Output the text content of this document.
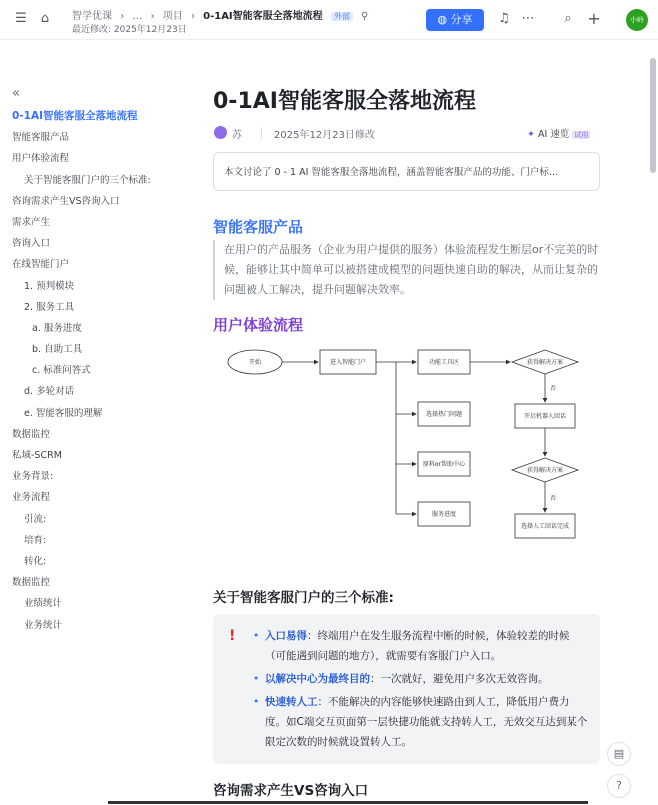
☰	⌂	智学优课 › … › 项目 › 0-1AI智能客服全落地流程 外部 ⚲
最近修改: 2025年12月23日
◍ 分享	♫ ⋯	⌕ +	小岭
«
0-1AI智能客服全落地流程
智能客服产品
用户体验流程
关于智能客服门户的三个标准:
咨询需求产生VS咨询入口
需求产生
咨询入口
在线智能门户
1. 预判模块
2. 服务工具
a. 服务进度
b. 自助工具
c. 标准问答式
d. 多轮对话
e. 智能客服的理解
数据监控
私域-SCRM
业务背景:
业务流程
引流:
培育:
转化:
数据监控
业绩统计
业务统计
0-1AI智能客服全落地流程
苏	2025年12月23日修改	✦ AI 速览 试用
本文讨论了 0 - 1 AI 智能客服全落地流程，涵盖智能客服产品的功能、门户标…
智能客服产品
在用户的产品服务（企业为用户提供的服务）体验流程发生断层or不完美的时候，能够让其中简单可以被搭建成模型的问题快速自助的解决，从而让复杂的问题被人工解决，提升问题解决效率。
用户体验流程
开始	进入智能门户	功能工具区	获得解决方案
否
开启机器人回话
选择热门问题
原料or帮助中心
获得解决方案
否
服务进度
选择人工回话完成
关于智能客服门户的三个标准:
! • 入口易得：终端用户在发生服务流程中断的时候，体验较差的时候（可能遇到问题的地方），就需要有客服门户入口。
• 以解决中心为最终目的：一次就好，避免用户多次无效咨询。
• 快速转人工：不能解决的内容能够快速路由到人工，降低用户费力度。如C端交互页面第一层快捷功能就支持转人工，无效交互达到某个限定次数的时候就设置转人工。
咨询需求产生VS咨询入口
▤
?
